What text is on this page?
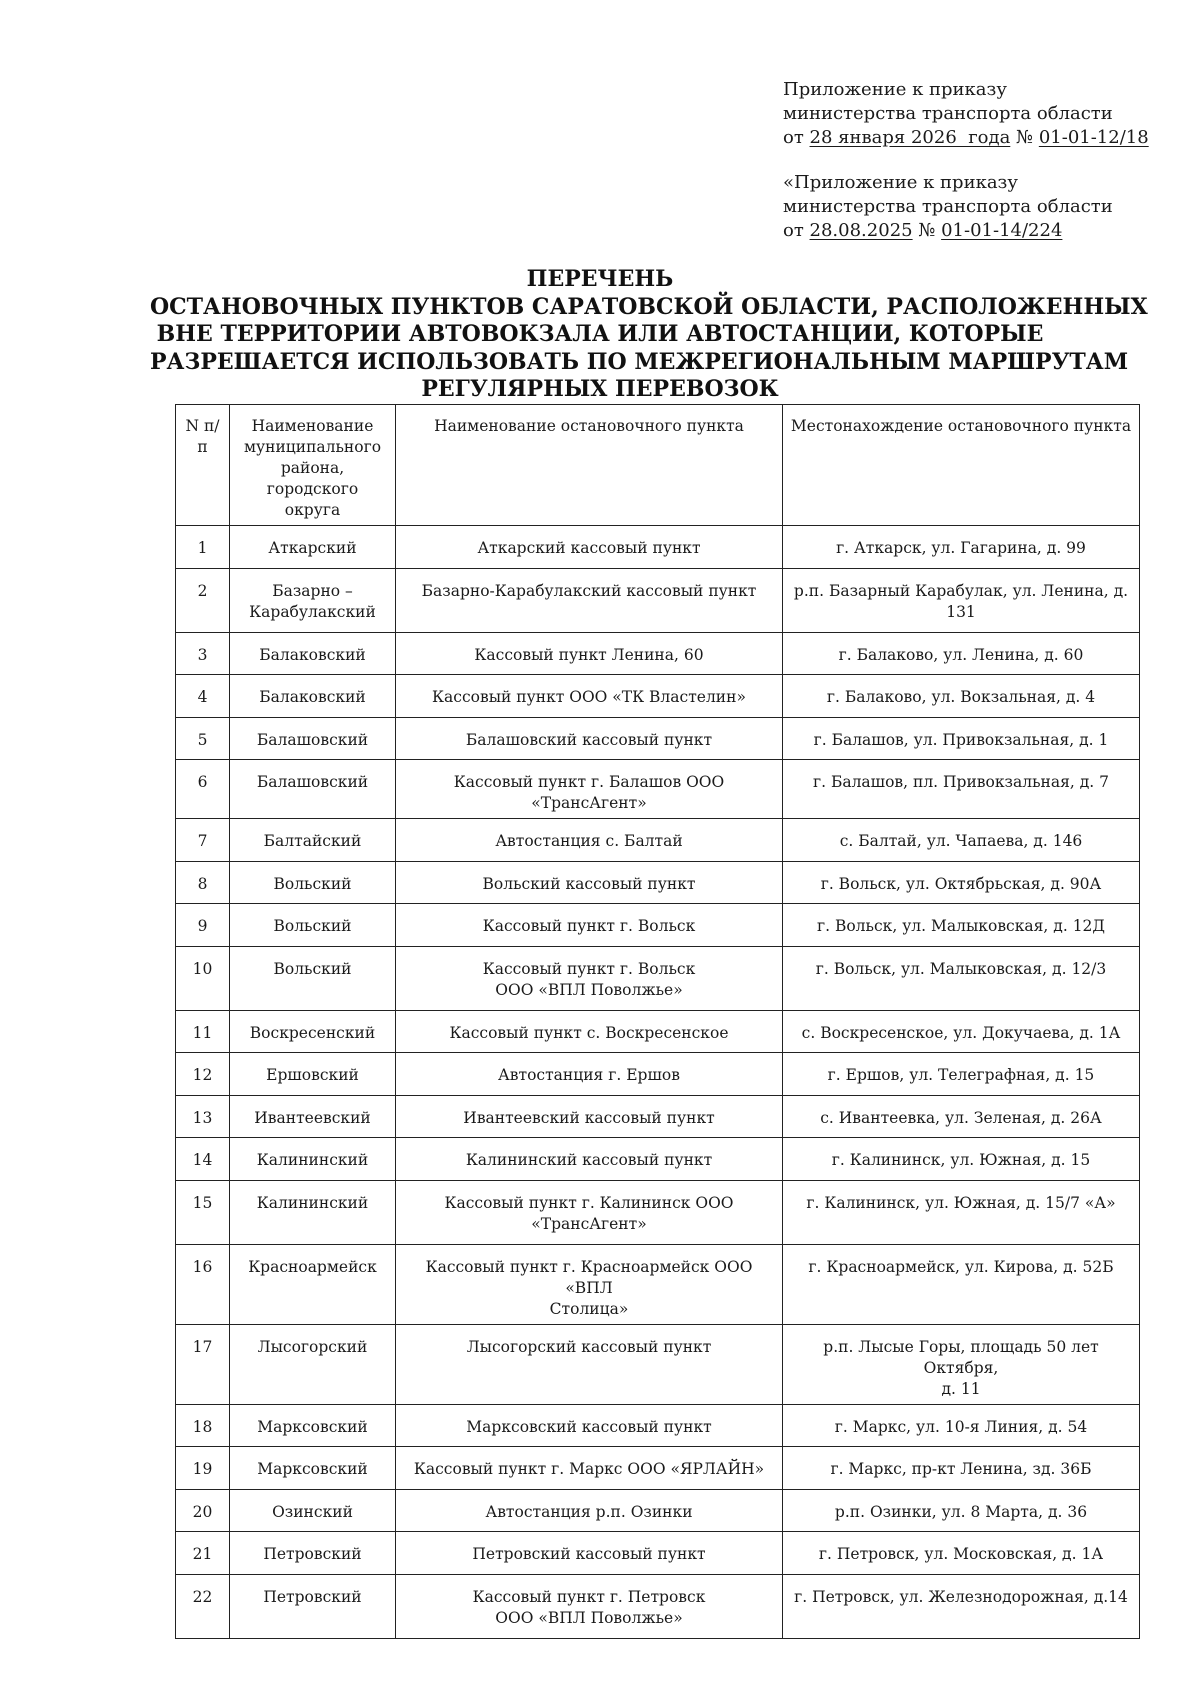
Приложение к приказу
министерства транспорта области
от 28 января 2026  года № 01-01-12/18
«Приложение к приказу
министерства транспорта области
от 28.08.2025 № 01-01-14/224
ПЕРЕЧЕНЬ
ОСТАНОВОЧНЫХ ПУНКТОВ САРАТОВСКОЙ ОБЛАСТИ, РАСПОЛОЖЕННЫХ
ВНЕ ТЕРРИТОРИИ АВТОВОКЗАЛА ИЛИ АВТОСТАНЦИИ, КОТОРЫЕ
РАЗРЕШАЕТСЯ ИСПОЛЬЗОВАТЬ ПО МЕЖРЕГИОНАЛЬНЫМ МАРШРУТАМ
РЕГУЛЯРНЫХ ПЕРЕВОЗОК
N п/п	Наименование
муниципального
района, городского
округа	Наименование остановочного пункта	Местонахождение остановочного пункта
1	Аткарский	Аткарский кассовый пункт	г. Аткарск, ул. Гагарина, д. 99
2	Базарно –
Карабулакский	Базарно-Карабулакский кассовый пункт	р.п. Базарный Карабулак, ул. Ленина, д. 131
3	Балаковский	Кассовый пункт Ленина, 60	г. Балаково, ул. Ленина, д. 60
4	Балаковский	Кассовый пункт ООО «ТК Властелин»	г. Балаково, ул. Вокзальная, д. 4
5	Балашовский	Балашовский кассовый пункт	г. Балашов, ул. Привокзальная, д. 1
6	Балашовский	Кассовый пункт г. Балашов ООО «ТрансАгент»	г. Балашов, пл. Привокзальная, д. 7
7	Балтайский	Автостанция с. Балтай	с. Балтай, ул. Чапаева, д. 146
8	Вольский	Вольский кассовый пункт	г. Вольск, ул. Октябрьская, д. 90А
9	Вольский	Кассовый пункт г. Вольск	г. Вольск, ул. Малыковская, д. 12Д
10	Вольский	Кассовый пункт г. Вольск
ООО «ВПЛ Поволжье»	г. Вольск, ул. Малыковская, д. 12/3
11	Воскресенский	Кассовый пункт с. Воскресенское	с. Воскресенское, ул. Докучаева, д. 1А
12	Ершовский	Автостанция г. Ершов	г. Ершов, ул. Телеграфная, д. 15
13	Ивантеевский	Ивантеевский кассовый пункт	с. Ивантеевка, ул. Зеленая, д. 26А
14	Калининский	Калининский кассовый пункт	г. Калининск, ул. Южная, д. 15
15	Калининский	Кассовый пункт г. Калининск ООО
«ТрансАгент»	г. Калининск, ул. Южная, д. 15/7 «А»
16	Красноармейск	Кассовый пункт г. Красноармейск ООО «ВПЛ
Столица»	г. Красноармейск, ул. Кирова, д. 52Б
17	Лысогорский	Лысогорский кассовый пункт	р.п. Лысые Горы, площадь 50 лет Октября,
д. 11
18	Марксовский	Марксовский кассовый пункт	г. Маркс, ул. 10-я Линия, д. 54
19	Марксовский	Кассовый пункт г. Маркс ООО «ЯРЛАЙН»	г. Маркс, пр-кт Ленина, зд. 36Б
20	Озинский	Автостанция р.п. Озинки	р.п. Озинки, ул. 8 Марта, д. 36
21	Петровский	Петровский кассовый пункт	г. Петровск, ул. Московская, д. 1А
22	Петровский	Кассовый пункт г. Петровск
ООО «ВПЛ Поволжье»	г. Петровск, ул. Железнодорожная, д.14
